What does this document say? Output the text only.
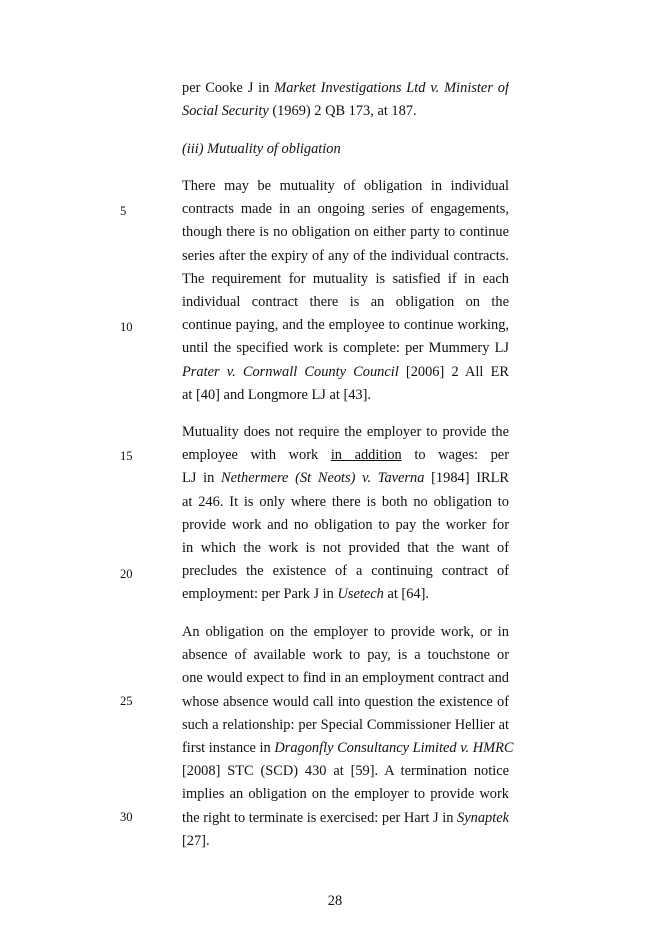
per Cooke J in Market Investigations Ltd v. Minister of
Social Security (1969) 2 QB 173, at 187.
(iii) Mutuality of obligation
There may be mutuality of obligation in individual
contracts made in an ongoing series of engagements,
though there is no obligation on either party to continue
series after the expiry of any of the individual contracts.
The requirement for mutuality is satisfied if in each
individual contract there is an obligation on the
continue paying, and the employee to continue working,
until the specified work is complete: per Mummery LJ
Prater v. Cornwall County Council [2006] 2 All ER
at [40] and Longmore LJ at [43].
Mutuality does not require the employer to provide the
employee with work in addition to wages: per
LJ in Nethermere (St Neots) v. Taverna [1984] IRLR
at 246. It is only where there is both no obligation to
provide work and no obligation to pay the worker for
in which the work is not provided that the want of
precludes the existence of a continuing contract of
employment: per Park J in Usetech at [64].
An obligation on the employer to provide work, or in
absence of available work to pay, is a touchstone or
one would expect to find in an employment contract and
whose absence would call into question the existence of
such a relationship: per Special Commissioner Hellier at
first instance in Dragonfly Consultancy Limited v. HMRC
[2008] STC (SCD) 430 at [59]. A termination notice
implies an obligation on the employer to provide work
the right to terminate is exercised: per Hart J in Synaptek
[27].
5
10
15
20
25
30
28
